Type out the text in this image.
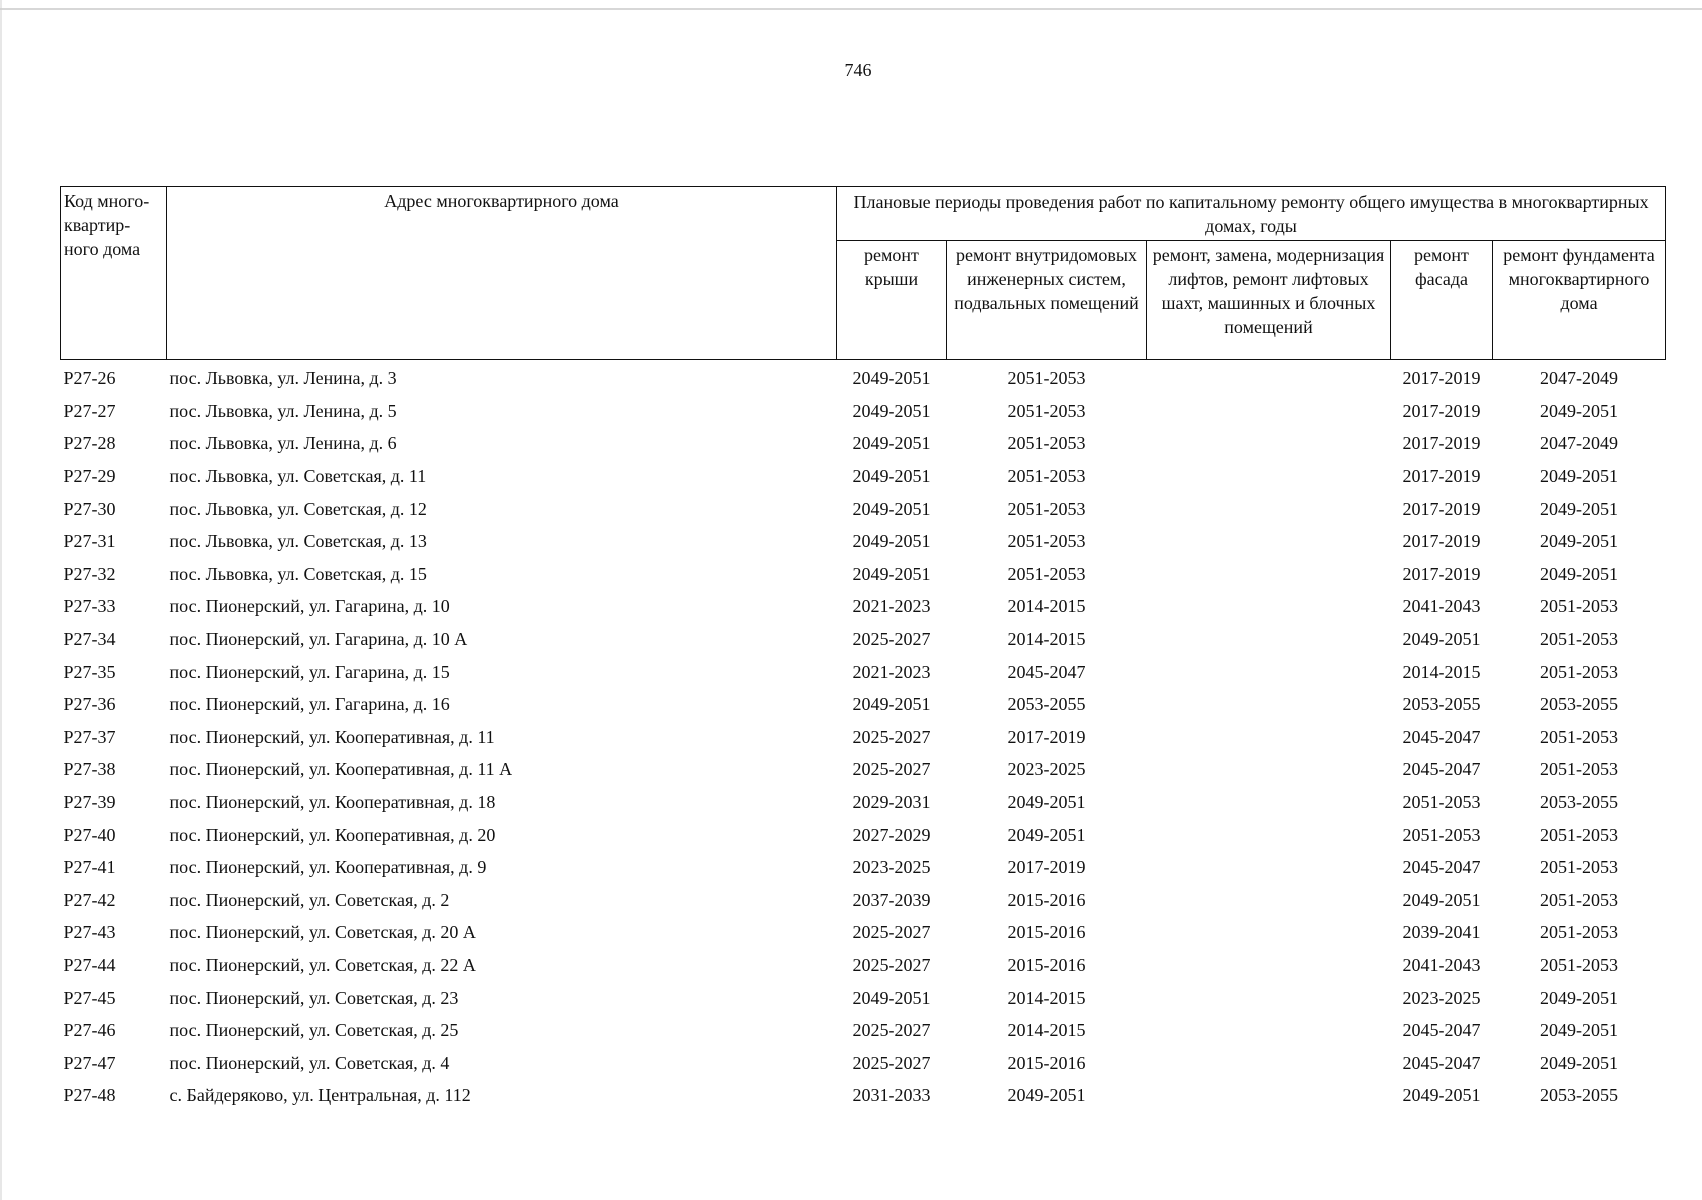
746
Код много-квартир-ного дома	Адрес многоквартирного дома	Плановые периоды проведения работ по капитальному ремонту общего имущества в многоквартирных домах, годы				
		ремонт крыши	ремонт внутридомовых инженерных систем, подвальных помещений	ремонт, замена, модернизация лифтов, ремонт лифтовых шахт, машинных и блочных помещений	ремонт фасада	ремонт фундамента многоквартирного дома
P27-26	пос. Львовка, ул. Ленина, д. 3	2049-2051	2051-2053		2017-2019	2047-2049
P27-27	пос. Львовка, ул. Ленина, д. 5	2049-2051	2051-2053		2017-2019	2049-2051
P27-28	пос. Львовка, ул. Ленина, д. 6	2049-2051	2051-2053		2017-2019	2047-2049
P27-29	пос. Львовка, ул. Советская, д. 11	2049-2051	2051-2053		2017-2019	2049-2051
P27-30	пос. Львовка, ул. Советская, д. 12	2049-2051	2051-2053		2017-2019	2049-2051
P27-31	пос. Львовка, ул. Советская, д. 13	2049-2051	2051-2053		2017-2019	2049-2051
P27-32	пос. Львовка, ул. Советская, д. 15	2049-2051	2051-2053		2017-2019	2049-2051
P27-33	пос. Пионерский, ул. Гагарина, д. 10	2021-2023	2014-2015		2041-2043	2051-2053
P27-34	пос. Пионерский, ул. Гагарина, д. 10 А	2025-2027	2014-2015		2049-2051	2051-2053
P27-35	пос. Пионерский, ул. Гагарина, д. 15	2021-2023	2045-2047		2014-2015	2051-2053
P27-36	пос. Пионерский, ул. Гагарина, д. 16	2049-2051	2053-2055		2053-2055	2053-2055
P27-37	пос. Пионерский, ул. Кооперативная, д. 11	2025-2027	2017-2019		2045-2047	2051-2053
P27-38	пос. Пионерский, ул. Кооперативная, д. 11 А	2025-2027	2023-2025		2045-2047	2051-2053
P27-39	пос. Пионерский, ул. Кооперативная, д. 18	2029-2031	2049-2051		2051-2053	2053-2055
P27-40	пос. Пионерский, ул. Кооперативная, д. 20	2027-2029	2049-2051		2051-2053	2051-2053
P27-41	пос. Пионерский, ул. Кооперативная, д. 9	2023-2025	2017-2019		2045-2047	2051-2053
P27-42	пос. Пионерский, ул. Советская, д. 2	2037-2039	2015-2016		2049-2051	2051-2053
P27-43	пос. Пионерский, ул. Советская, д. 20 А	2025-2027	2015-2016		2039-2041	2051-2053
P27-44	пос. Пионерский, ул. Советская, д. 22 А	2025-2027	2015-2016		2041-2043	2051-2053
P27-45	пос. Пионерский, ул. Советская, д. 23	2049-2051	2014-2015		2023-2025	2049-2051
P27-46	пос. Пионерский, ул. Советская, д. 25	2025-2027	2014-2015		2045-2047	2049-2051
P27-47	пос. Пионерский, ул. Советская, д. 4	2025-2027	2015-2016		2045-2047	2049-2051
P27-48	с. Байдеряково, ул. Центральная, д. 112	2031-2033	2049-2051		2049-2051	2053-2055
